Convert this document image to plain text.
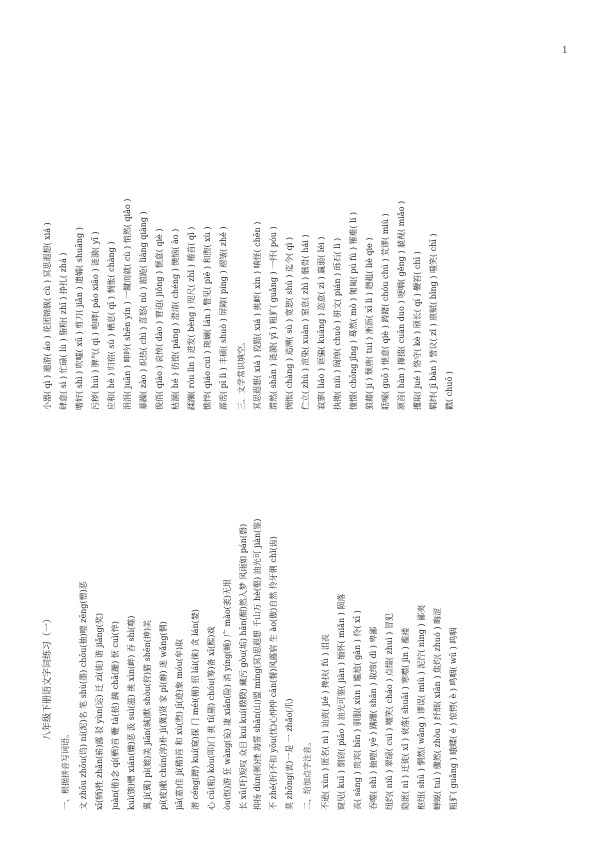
1
八年级下册语文字词练习（一）
一、根据拼音写词语。	文 zhōu zhōu(诌) ní(泥)名 笔 shù(墨) chōu(抽)噎 zēng(憎)恶 xī(牺)牲 zhǎn(崭)露 驳 yùn(运) 迁 zì(徙) 谐 jiǎng(奖) juàn(倦)念 qí(栖)首 鞭 tà(挞) 蹒 chā(跚) 恹 cuì(悴) kuì(馈)赠 xián(嫌)恶 汲 suì(滋) 挑 xìn(衅) 吞 shì(噬) 翼 jì(翼) pì(媲)美 jiān(缄)默 shòu(狩)猎 shēn(抻)美 pí(疲)敝 chún(淳)朴 jì(冀)贤 家 pǐ(癖) 迷 wǎng(惘) jiā(嘉)佳 jì(稽)首 和 xù(煦) jī(迹)象 móu(牟)取 潜 céng(蹭) kuí(窥)探 门 méi(楣) 招 lái(徕) 贪 lán(婪) 心 cū(粗) kòu(叩)门 挑 tī(剔) chóu(筹)备 xī(熙)戏 òu(怄)游 狂 wàng(妄) 凄 xiǎn(险) 消 yíng(蝇) 广 mào(袤)无垠 长 xū(吁)短叹 众目 kuí kuí(睽睽) 藏污 gòu(垢) hān(酣)然入梦 风雨如 pán(磐) 抑扬 dùn(顿)挫 海誓 shān(山)盟 míng(冥)思遐想 千山万 hè(壑) 油光可 jiàn(鉴) 不 zhé(折)不扣 yōu(忧)心忡忡 cān(餐)风露宿 生 ào(傲)自然 伶牙俐 chǐ(齿) 莫 zhōng(衷)一是 一 zhǎo(爪)	二、给加点字注音。	不逊( xùn ) 匿名( nì ) 讪责( jié ) 搀扶( fú ) 沮丧 窥见( kuī ) 剽窃( piāo ) 油光可鉴( jiàn ) 缅怀( miǎn ) 陨落 丧( sàng ) 贵宾( bīn ) 驯服( xùn ) 尴尬( gān ) 伶( xī ) 吞噬( shì ) 抽噎( yē ) 蹒跚( shān ) 取缔( dì ) 卑鄙 纽约( niǔ ) 翠绿( cuì ) 嘲笑( cháo ) 点缀( zhuì ) 冒犯 隐匿( nì ) 迁徙( xǐ ) 衰落( shuāi ) 寒噤( jìn ) 褴褛 枢纽( shū ) 惘然( wǎng ) 谬误( miù ) 泥泞( nìng ) 鄙夷 蝉蜕( tuì ) 骤然( zhòu ) 纤细( xiān ) 焦灼( zhuó ) 晦涩 粗犷( guǎng ) 蛾蝶( é ) 惊愕( è ) 鸣咽( wū ) 呜咽
小器( qì ) 遨游( áo ) 花团锦簇( cù ) 冥思遐想( xiá ) 肆意( sì ) 忙碌( lù ) 脂粉( zhī ) 挣扎( zhá ) 嗜好( shì ) 吹嘘( xū ) 剪刀( jiǎn ) 遗孀( shuāng ) 污秽( huì ) 脾气( qì ) 咆哮( páo xiāo ) 涟漪( yī ) 应和( hè ) 归宿( sù ) 栖息( qī ) 惆怅( chàng ) 涓涓( juān ) 呻吟( shēn yín ) 一蹴而就( cù ) 悄然( qiǎo ) 暴躁( zào ) 炽热( chì ) 喜怒( nù ) 踉跄( liàng qiàng ) 俊俏( qiào ) 哀悼( dào ) 窘迫( jiǒng ) 惬意( qiè ) 枯涸( hé ) 彷徨( páng ) 澄清( chéng ) 懊恼( ào ) 蹂躏( róu lìn ) 迸发( bèng ) 咫尺( zhǐ ) 稽首( qǐ ) 憔悴( qiáo cuì ) 斑斓( lán ) 瞥见( piē ) 和煦( xù ) 霹雳( pī lì ) 丰硕( shuò ) 屏障( píng ) 褶皱( zhě )	三、文学常识填空。 冥思遐想( xiá ) 狡黠( xiá ) 挑衅( xìn ) 嗔怪( chēn ) 潸然( shān ) 涟漪( yī ) 粗犷( guǎng ) 一抔( póu ) 惆怅( chàng ) 追溯( sù ) 宽恕( shù ) 迄今( qì ) 伫立( zhù ) 渲染( xuàn ) 窒息( zhì ) 骸骨( hái ) 寂寥( liáo ) 诓骗( kuāng ) 恣意( zì ) 羸弱( léi ) 执拗( niù ) 阔绰( chuò ) 骈文( pián ) 砾石( lì ) 憧憬( chōng jǐng ) 蓦然( mò ) 匍匐( pú fú ) 罹难( lí ) 狼藉( jí ) 颓唐( tuí ) 淅沥( xī lì ) 趔趄( liè qie ) 聒噪( guō ) 惬意( qiè ) 踌躇( chóu chú ) 荒谬( miù ) 颔首( hàn ) 撺掇( cuān duo ) 哽咽( gěng ) 藐视( miǎo ) 攫取( jué ) 恪守( kè ) 颀长( qí ) 鞭笞( chī ) 羁绊( jī bàn ) 訾议( zǐ ) 禀赋( bǐng ) 嗤笑( chī ) 戳( chuō )
